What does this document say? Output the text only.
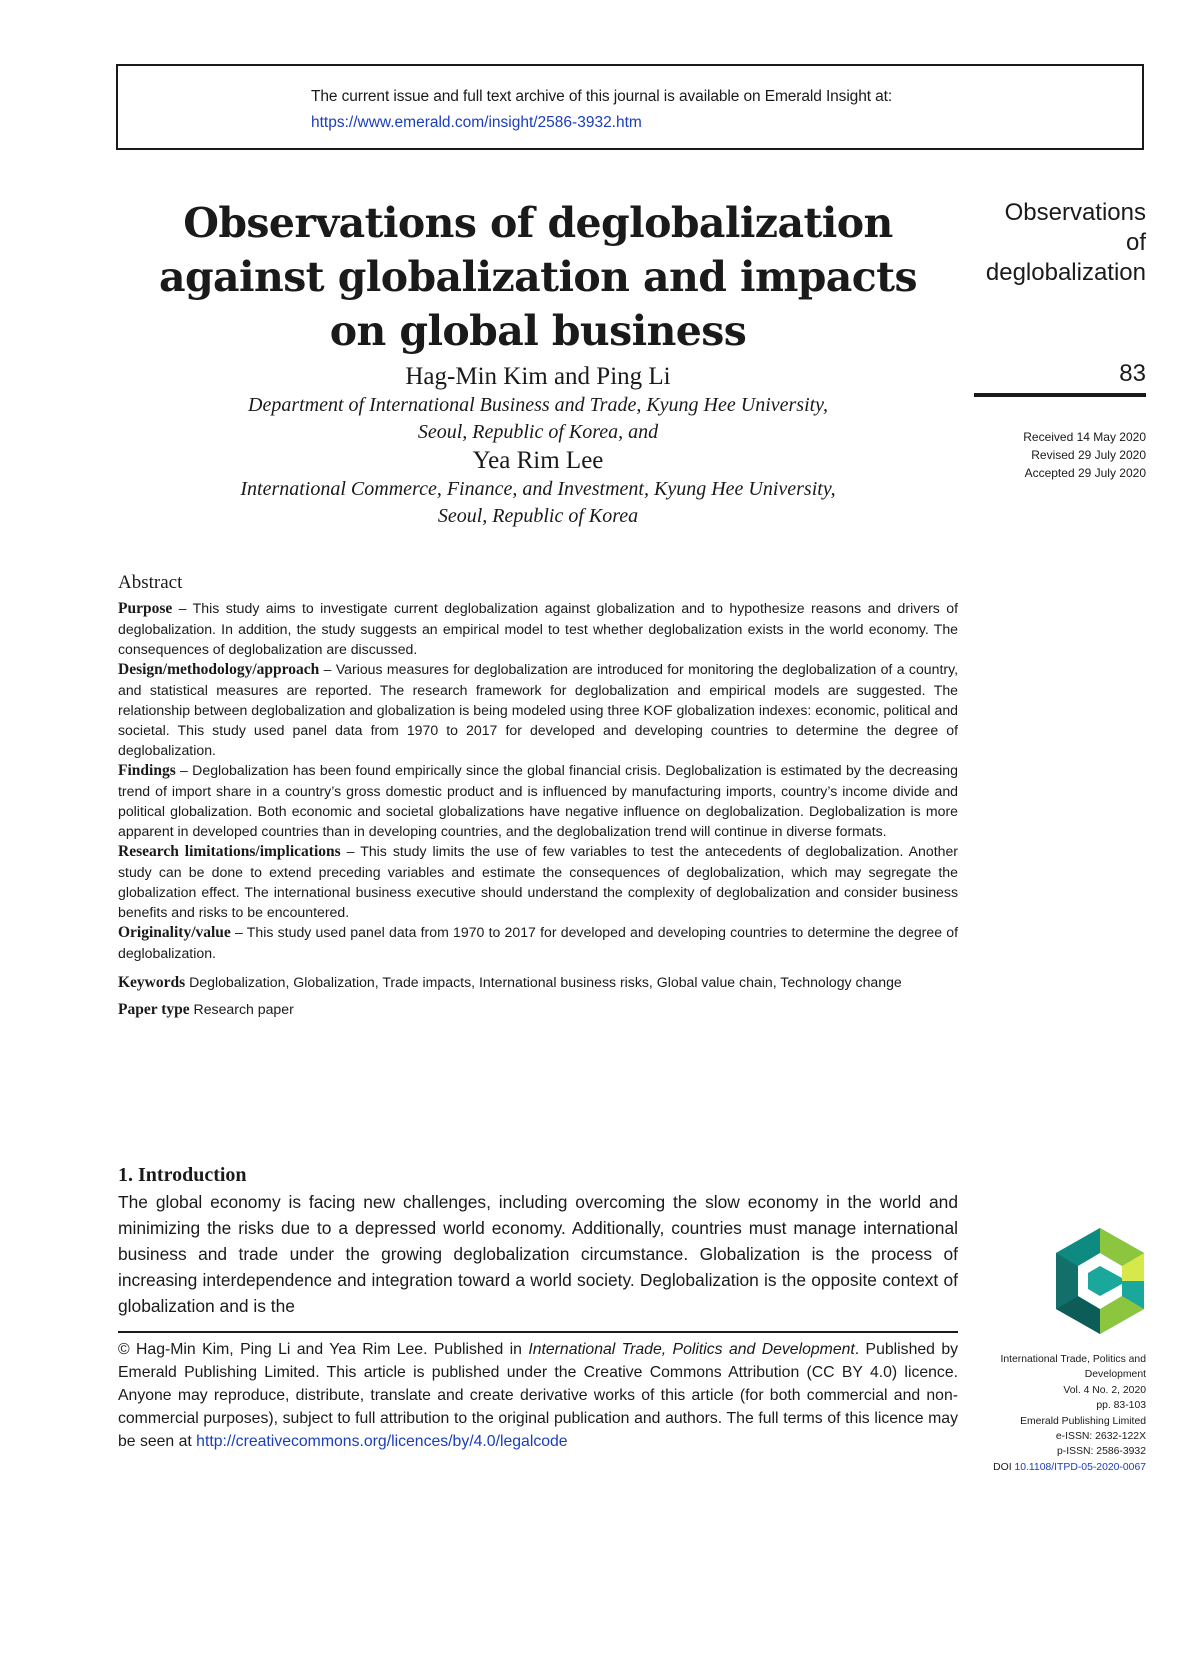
The current issue and full text archive of this journal is available on Emerald Insight at:
https://www.emerald.com/insight/2586-3932.htm
Observations of deglobalization
against globalization and impacts
on global business
Observations
of
deglobalization
83
Received 14 May 2020
Revised 29 July 2020
Accepted 29 July 2020

Hag-Min Kim and Ping Li

Department of International Business and Trade, Kyung Hee University,
Seoul, Republic of Korea, and

Yea Rim Lee

International Commerce, Finance, and Investment, Kyung Hee University,
Seoul, Republic of Korea

Abstract

Purpose – This study aims to investigate current deglobalization against globalization and to hypothesize reasons and drivers of deglobalization. In addition, the study suggests an empirical model to test whether deglobalization exists in the world economy. The consequences of deglobalization are discussed.

Design/methodology/approach – Various measures for deglobalization are introduced for monitoring the deglobalization of a country, and statistical measures are reported. The research framework for deglobalization and empirical models are suggested. The relationship between deglobalization and globalization is being modeled using three KOF globalization indexes: economic, political and societal. This study used panel data from 1970 to 2017 for developed and developing countries to determine the degree of deglobalization.

Findings – Deglobalization has been found empirically since the global financial crisis. Deglobalization is estimated by the decreasing trend of import share in a country’s gross domestic product and is influenced by manufacturing imports, country’s income divide and political globalization. Both economic and societal globalizations have negative influence on deglobalization. Deglobalization is more apparent in developed countries than in developing countries, and the deglobalization trend will continue in diverse formats.

Research limitations/implications – This study limits the use of few variables to test the antecedents of deglobalization. Another study can be done to extend preceding variables and estimate the consequences of deglobalization, which may segregate the globalization effect. The international business executive should understand the complexity of deglobalization and consider business benefits and risks to be encountered.

Originality/value – This study used panel data from 1970 to 2017 for developed and developing countries to determine the degree of deglobalization.

Keywords Deglobalization, Globalization, Trade impacts, International business risks, Global value chain, Technology change

Paper type Research paper

1. Introduction

The global economy is facing new challenges, including overcoming the slow economy in the world and minimizing the risks due to a depressed world economy. Additionally, countries must manage international business and trade under the growing deglobalization circumstance. Globalization is the process of increasing interdependence and integration toward a world society. Deglobalization is the opposite context of globalization and is the

© Hag-Min Kim, Ping Li and Yea Rim Lee. Published in International Trade, Politics and Development. Published by Emerald Publishing Limited. This article is published under the Creative Commons Attribution (CC BY 4.0) licence. Anyone may reproduce, distribute, translate and create derivative works of this article (for both commercial and non-commercial purposes), subject to full attribution to the original publication and authors. The full terms of this licence may be seen at http://creativecommons.org/licences/by/4.0/legalcode
International Trade, Politics and
Development
Vol. 4 No. 2, 2020
pp. 83-103
Emerald Publishing Limited
e-ISSN: 2632-122X
p-ISSN: 2586-3932
DOI 10.1108/ITPD-05-2020-0067
